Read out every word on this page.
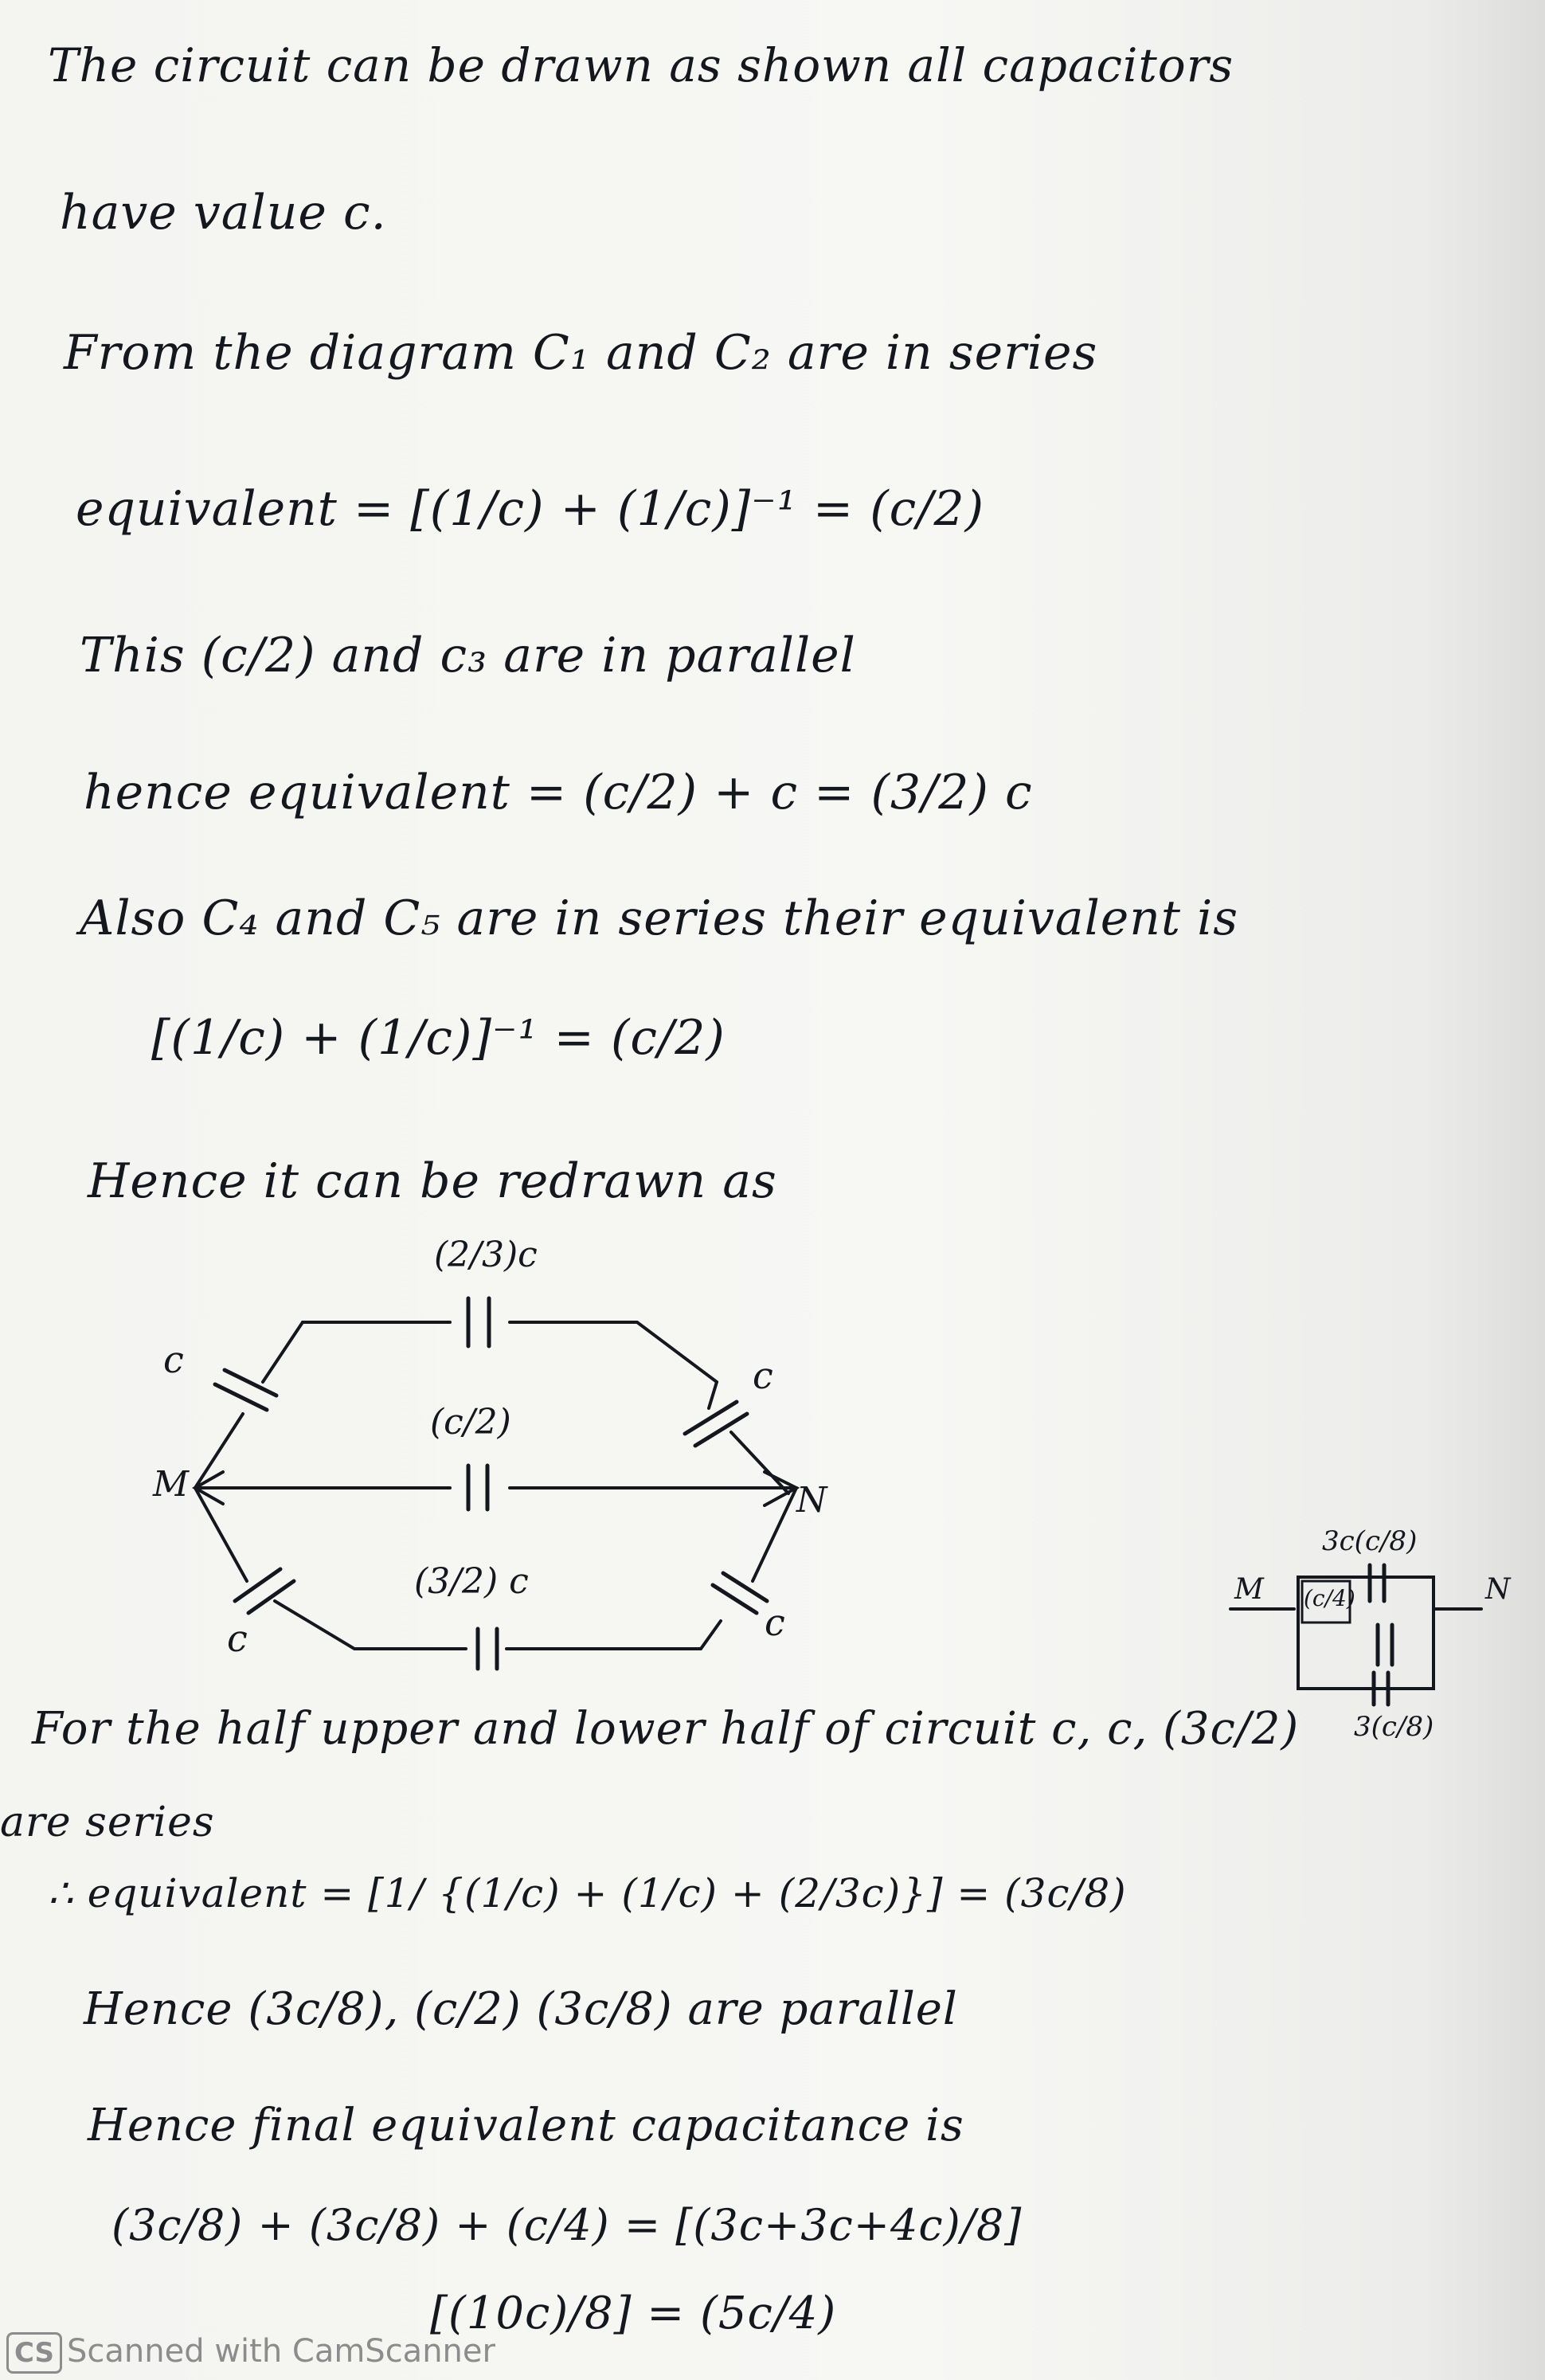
The circuit can be drawn as shown all capacitors
have value c.
From the diagram C₁ and C₂ are in series
equivalent = [(1/c) + (1/c)]⁻¹ = (c/2)
This (c/2) and c₃ are in parallel
hence equivalent = (c/2) + c = (3/2) c
Also C₄ and C₅ are in series their equivalent is
[(1/c) + (1/c)]⁻¹ = (c/2)
Hence it can be redrawn as
(2/3)c
(c/2)
(3/2) c
c	c
c	c
M	N
For the half upper and lower half of circuit c, c, (3c/2)
are series
∴ equivalent = [1/ {(1/c) + (1/c) + (2/3c)}] = (3c/8)
Hence (3c/8), (c/2) (3c/8) are parallel
Hence final equivalent capacitance is
(3c/8) + (3c/8) + (c/4) = [(3c+3c+4c)/8]
[(10c)/8] = (5c/4)
3c(c/8)
(c/4)
3(c/8)
M	N
CS Scanned with CamScanner
